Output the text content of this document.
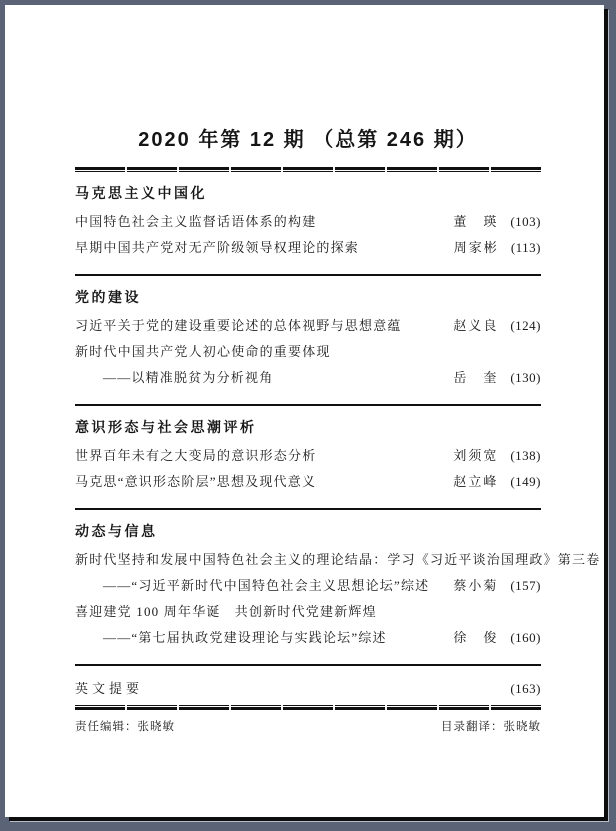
2020 年第 12 期 （总第 246 期）
马克思主义中国化
中国特色社会主义监督话语体系的构建	董　瑛 (103)
早期中国共产党对无产阶级领导权理论的探索	周家彬 (113)
党的建设
习近平关于党的建设重要论述的总体视野与思想意蕴	赵义良 (124)
新时代中国共产党人初心使命的重要体现
——以精准脱贫为分析视角	岳　奎 (130)
意识形态与社会思潮评析
世界百年未有之大变局的意识形态分析	刘须宽 (138)
马克思“意识形态阶层”思想及现代意义	赵立峰 (149)
动态与信息
新时代坚持和发展中国特色社会主义的理论结晶：学习《习近平谈治国理政》第三卷
——“习近平新时代中国特色社会主义思想论坛”综述 蔡小菊 (157)
喜迎建党 100 周年华诞　共创新时代党建新辉煌
——“第七届执政党建设理论与实践论坛”综述	徐　俊 (160)
英文提要	(163)
责任编辑：张晓敏	目录翻译：张晓敏
